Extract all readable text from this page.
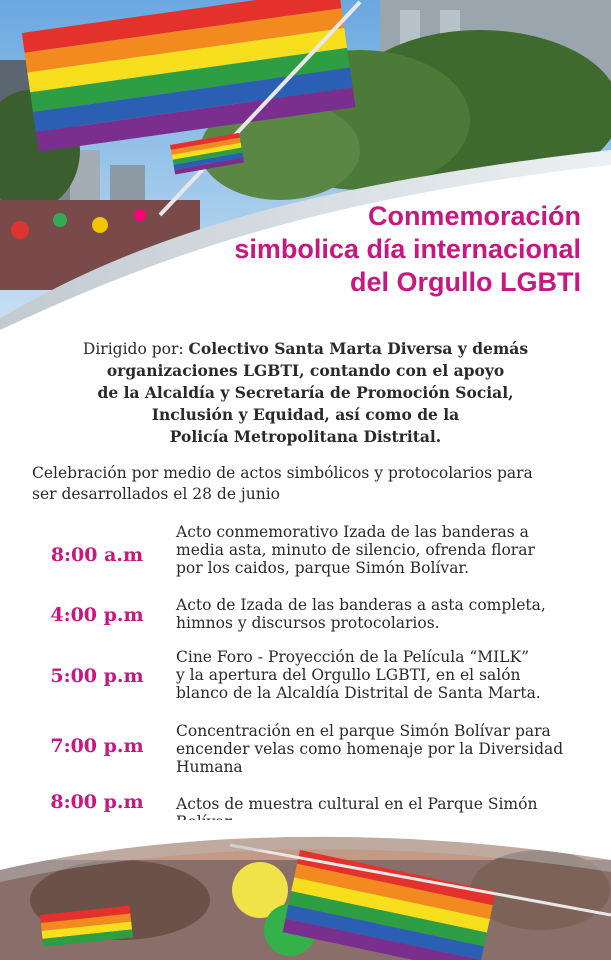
Conmemoración
simbolica día internacional
del Orgullo LGBTI
Dirigido por: Colectivo Santa Marta Diversa y demás
organizaciones LGBTI, contando con el apoyo
de la Alcaldía y Secretaría de Promoción Social,
Inclusión y Equidad, así como de la
Policía Metropolitana Distrital.
Celebración por medio de actos simbólicos y protocolarios para
ser desarrollados el 28 de junio
8:00 a.m
Acto conmemorativo Izada de las banderas a
media asta, minuto de silencio, ofrenda florar
por los caidos, parque Simón Bolívar.
4:00 p.m	Acto de Izada de las banderas a asta completa,
himnos y discursos protocolarios.
5:00 p.m
Cine Foro - Proyección de la Película “MILK”
y la apertura del Orgullo LGBTI, en el salón
blanco de la Alcaldía Distrital de Santa Marta.
7:00 p.m
Concentración en el parque Simón Bolívar para
encender velas como homenaje por la Diversidad
Humana
8:00 p.m	Actos de muestra cultural en el Parque Simón
